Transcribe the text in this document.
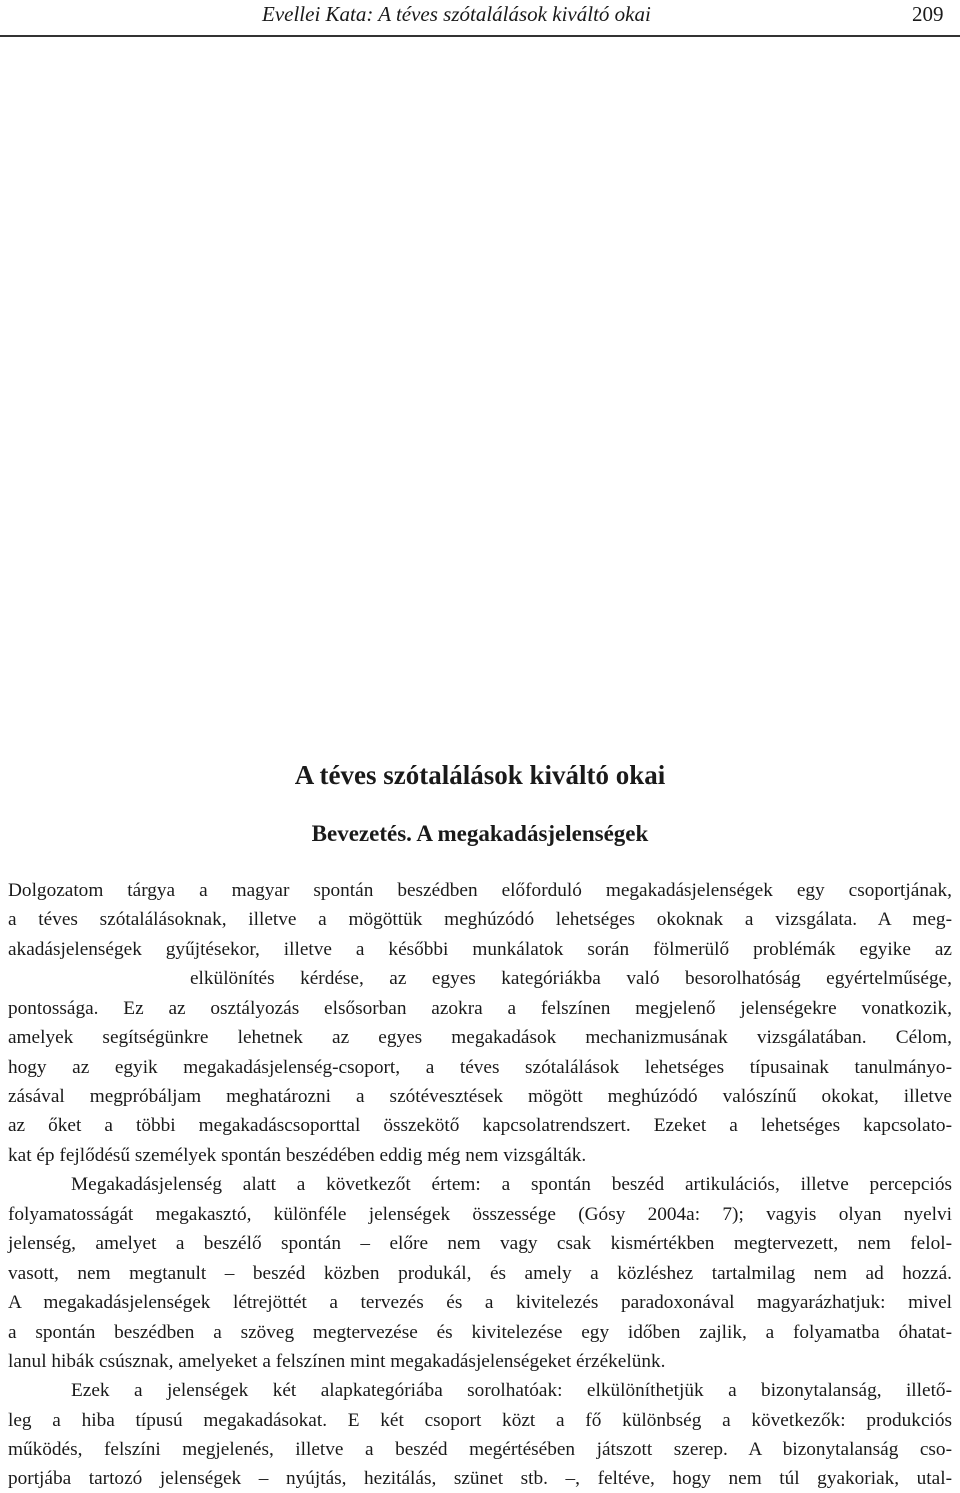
Evellei Kata: A téves szótalálások kiváltó okai	209
A téves szótalálások kiváltó okai
Bevezetés. A megakadásjelenségek
Dolgozatom tárgya a magyar spontán beszédben előforduló megakadásjelenségek egy csoportjának,
a téves szótalálásoknak, illetve a mögöttük meghúzódó lehetséges okoknak a vizsgálata. A meg-
akadásjelenségek gyűjtésekor, illetve a későbbi munkálatok során fölmerülő problémák egyike az
elkülönítés kérdése, az egyes kategóriákba való besorolhatóság egyértelműsége,
pontossága. Ez az osztályozás elsősorban azokra a felszínen megjelenő jelenségekre vonatkozik,
amelyek segítségünkre lehetnek az egyes megakadások mechanizmusának vizsgálatában. Célom,
hogy az egyik megakadásjelenség-csoport, a téves szótalálások lehetséges típusainak tanulmányo-
zásával megpróbáljam meghatározni a szótévesztések mögött meghúzódó valószínű okokat, illetve
az őket a többi megakadáscsoporttal összekötő kapcsolatrendszert. Ezeket a lehetséges kapcsolato-
kat ép fejlődésű személyek spontán beszédében eddig még nem vizsgálták.
Megakadásjelenség alatt a következőt értem: a spontán beszéd artikulációs, illetve percepciós
folyamatosságát megakasztó, különféle jelenségek összessége (Gósy 2004a: 7); vagyis olyan nyelvi
jelenség, amelyet a beszélő spontán – előre nem vagy csak kismértékben megtervezett, nem felol-
vasott, nem megtanult – beszéd közben produkál, és amely a közléshez tartalmilag nem ad hozzá.
A megakadásjelenségek létrejöttét a tervezés és a kivitelezés paradoxonával magyarázhatjuk: mivel
a spontán beszédben a szöveg megtervezése és kivitelezése egy időben zajlik, a folyamatba óhatat-
lanul hibák csúsznak, amelyeket a felszínen mint megakadásjelenségeket érzékelünk.
Ezek a jelenségek két alapkategóriába sorolhatóak: elkülöníthetjük a bizonytalanság, illető-
leg a hiba típusú megakadásokat. E két csoport közt a fő különbség a következők: produkciós
működés, felszíni megjelenés, illetve a beszéd megértésében játszott szerep. A bizonytalanság cso-
portjába tartozó jelenségek – nyújtás, hezitálás, szünet stb. –, feltéve, hogy nem túl gyakoriak, utal-
